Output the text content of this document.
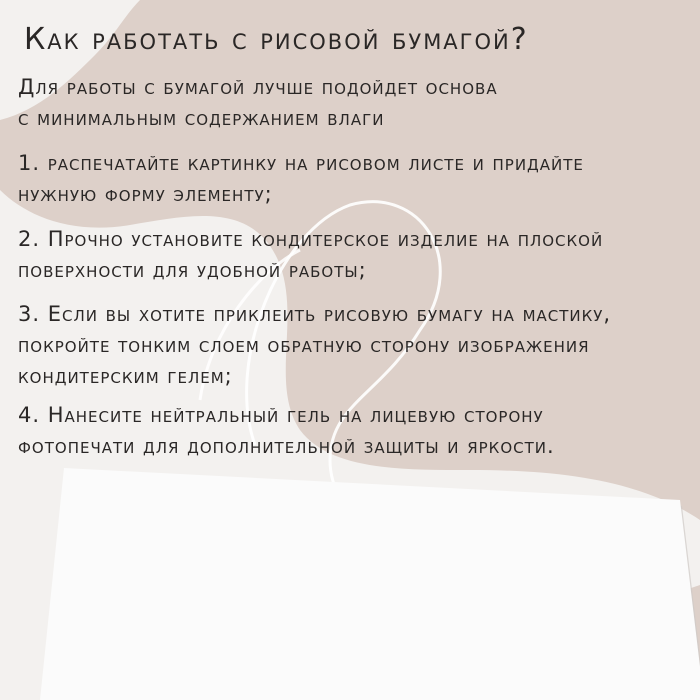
Как работать с рисовой бумагой?
Для работы с бумагой лучше подойдет основа
с минимальным содержанием влаги
1. распечатайте картинку на рисовом листе и придайте
нужную форму элементу;
2. Прочно установите кондитерское изделие на плоской
поверхности для удобной работы;
3. Если вы хотите приклеить рисовую бумагу на мастику,
покройте тонким слоем обратную сторону изображения
кондитерским гелем;
4. Нанесите нейтральный гель на лицевую сторону
фотопечати для дополнительной защиты и яркости.
